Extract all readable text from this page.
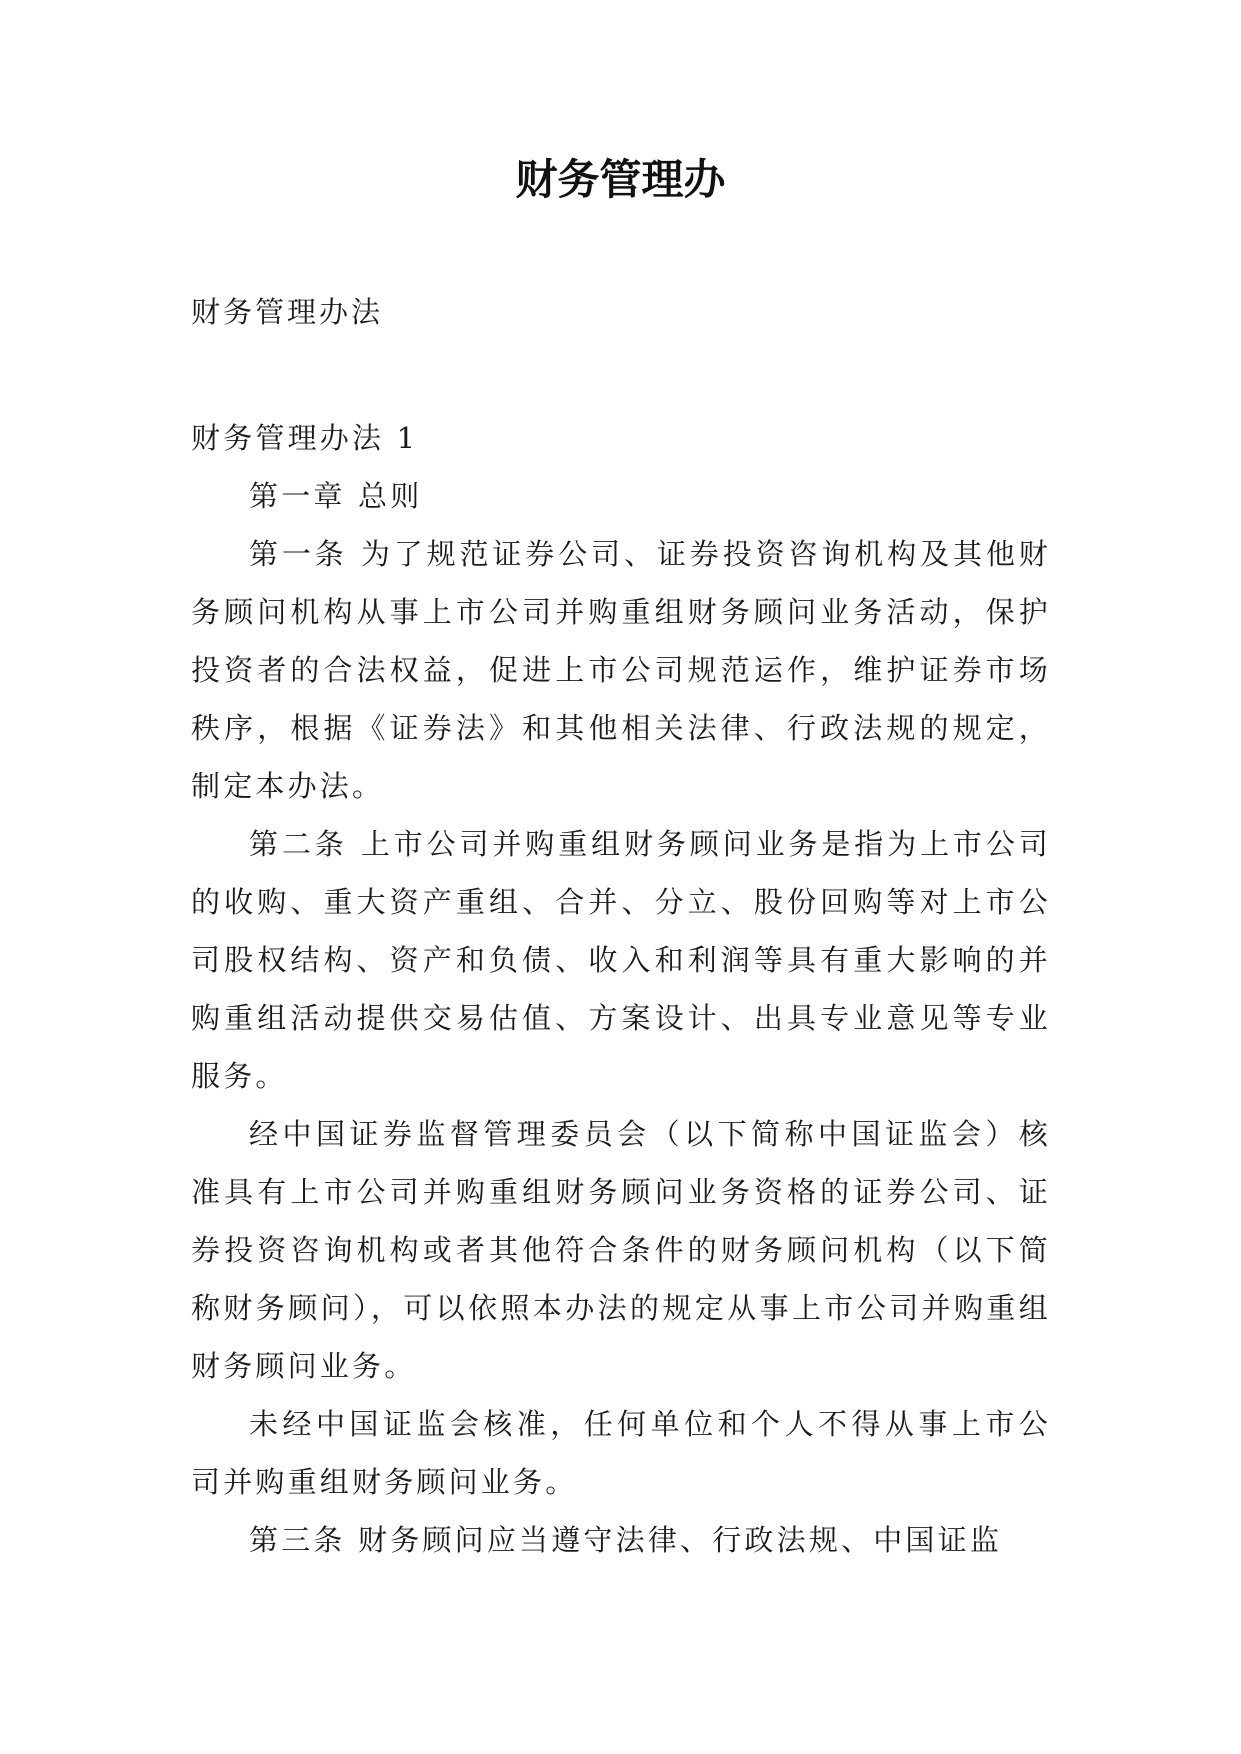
财务管理办

财务管理办法

财务管理办法 1

第一章 总则

第一条 为了规范证券公司、证券投资咨询机构及其他财务顾问机构从事上市公司并购重组财务顾问业务活动，保护投资者的合法权益，促进上市公司规范运作，维护证券市场秩序，根据《证券法》和其他相关法律、行政法规的规定，制定本办法。

第二条 上市公司并购重组财务顾问业务是指为上市公司的收购、重大资产重组、合并、分立、股份回购等对上市公司股权结构、资产和负债、收入和利润等具有重大影响的并购重组活动提供交易估值、方案设计、出具专业意见等专业服务。

经中国证券监督管理委员会（以下简称中国证监会）核准具有上市公司并购重组财务顾问业务资格的证券公司、证券投资咨询机构或者其他符合条件的财务顾问机构（以下简称财务顾问），可以依照本办法的规定从事上市公司并购重组财务顾问业务。

未经中国证监会核准，任何单位和个人不得从事上市公司并购重组财务顾问业务。

第三条 财务顾问应当遵守法律、行政法规、中国证监
